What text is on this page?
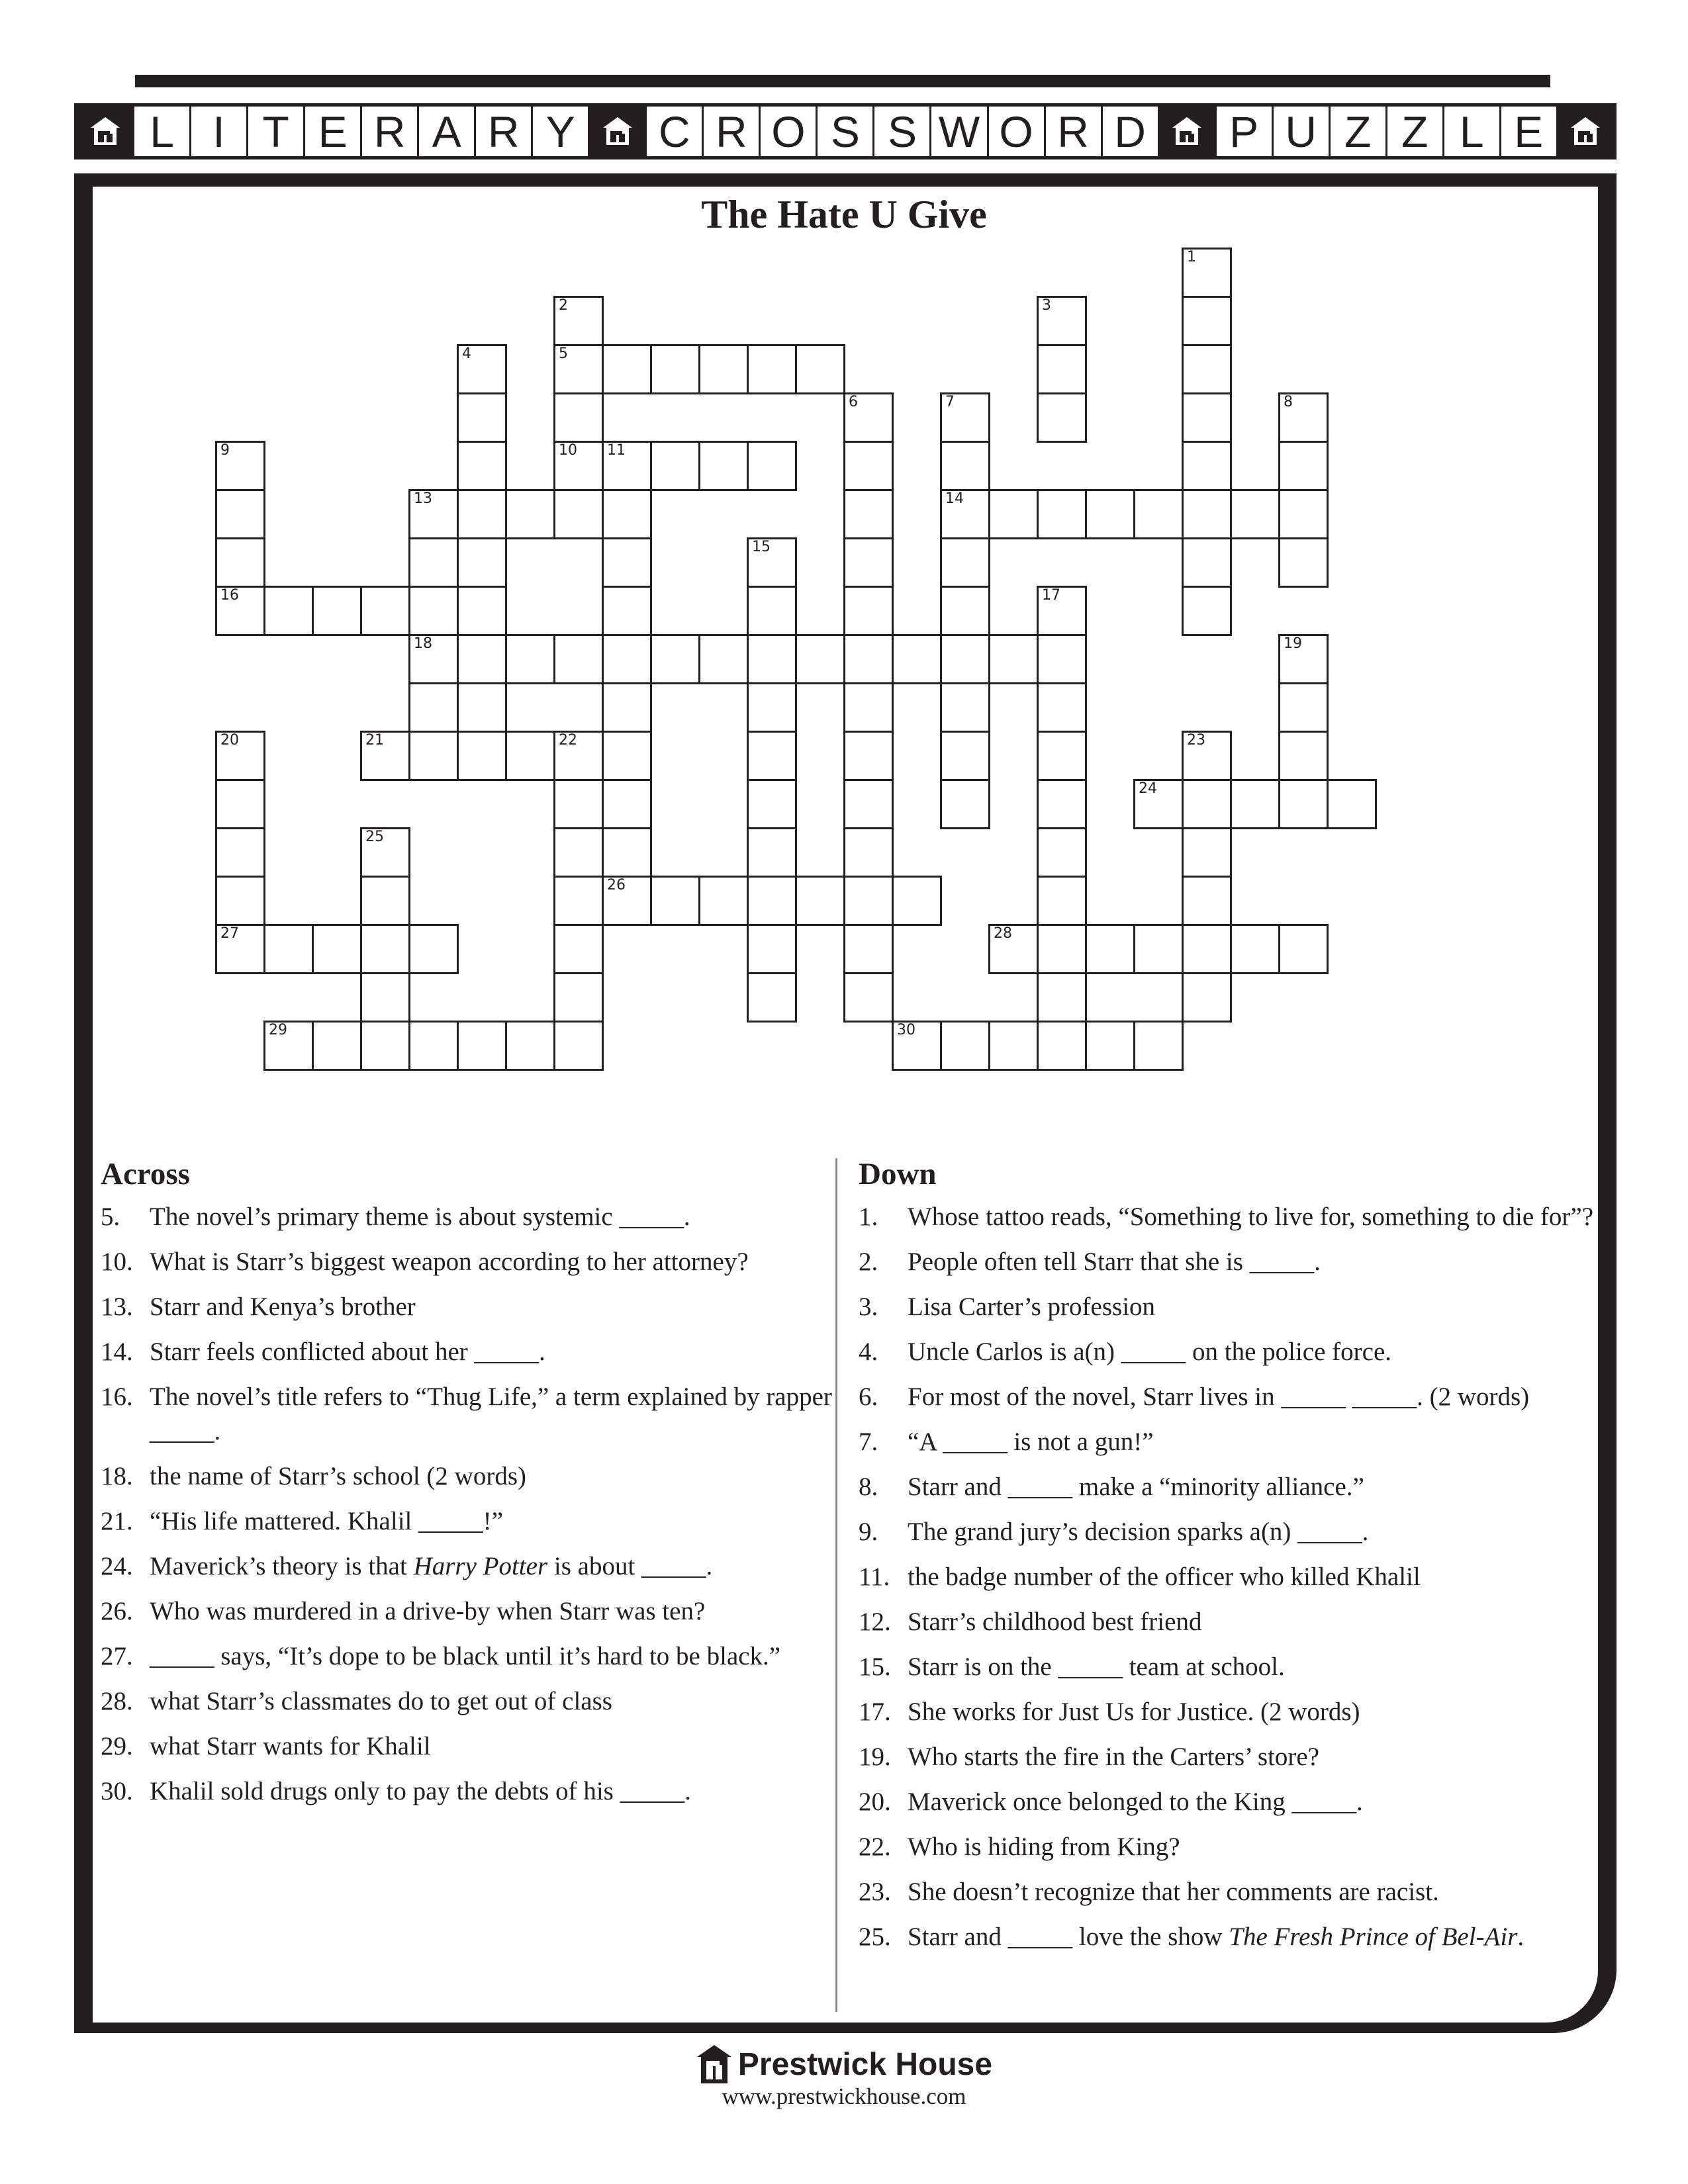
L I T E R A R Y	C R O S S W O R D	P U Z Z L E
The Hate U Give
1
2
5
10
3
4
6	7
14
8
9
16
11
13
18
15
17
19
20
27
21	22	23
24
25
26
28
29	30
Across
5. The novel’s primary theme is about systemic _____.
10. What is Starr’s biggest weapon according to her attorney?
13. Starr and Kenya’s brother
14. Starr feels conflicted about her _____.
16. The novel’s title refers to “Thug Life,” a term explained by rapper _____.
18. the name of Starr’s school (2 words)
21. “His life mattered. Khalil _____!”
24. Maverick’s theory is that Harry Potter is about _____.
26. Who was murdered in a drive-by when Starr was ten?
27. _____ says, “It’s dope to be black until it’s hard to be black.”
28. what Starr’s classmates do to get out of class
29. what Starr wants for Khalil
30. Khalil sold drugs only to pay the debts of his _____.
Down
1. Whose tattoo reads, “Something to live for, something to die for”?
2. People often tell Starr that she is _____.
3. Lisa Carter’s profession
4. Uncle Carlos is a(n) _____ on the police force.
6. For most of the novel, Starr lives in _____ _____. (2 words)
7. “A _____ is not a gun!”
8. Starr and _____ make a “minority alliance.”
9. The grand jury’s decision sparks a(n) _____.
11. the badge number of the officer who killed Khalil
12. Starr’s childhood best friend
15. Starr is on the _____ team at school.
17. She works for Just Us for Justice. (2 words)
19. Who starts the fire in the Carters’ store?
20. Maverick once belonged to the King _____.
22. Who is hiding from King?
23. She doesn’t recognize that her comments are racist.
25. Starr and _____ love the show The Fresh Prince of Bel-Air.
Prestwick House
www.prestwickhouse.com
